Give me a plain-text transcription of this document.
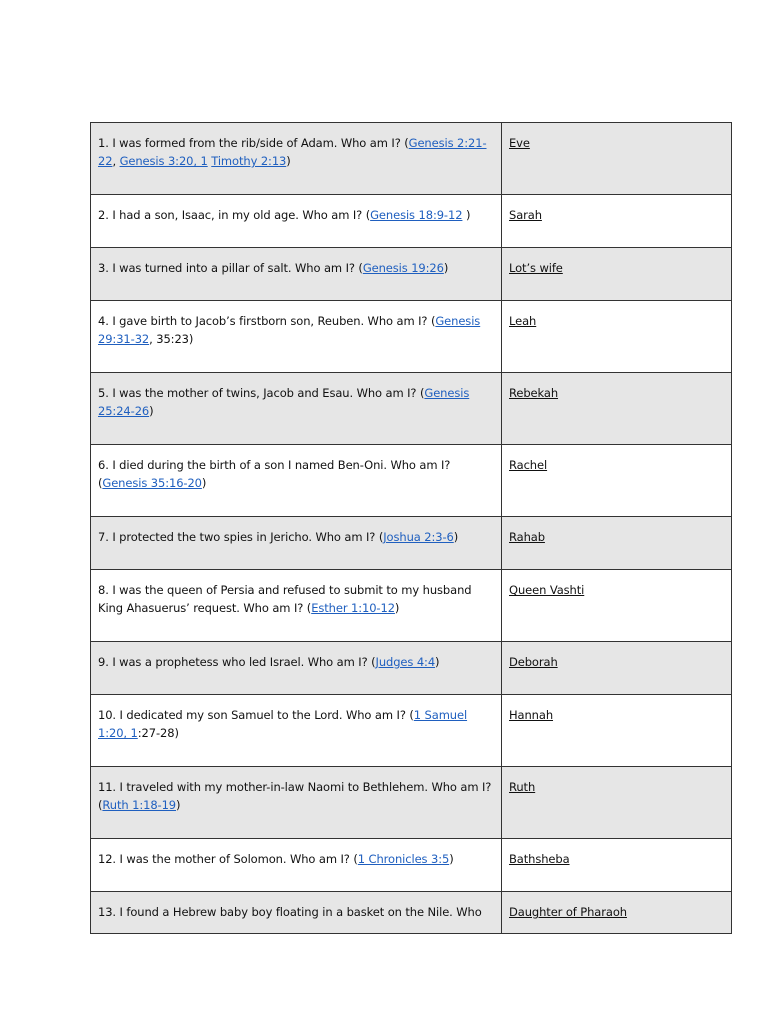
1. I was formed from the rib/side of Adam. Who am I? (Genesis 2:21-22, Genesis 3:20, 1 Timothy 2:13)	Eve
2. I had a son, Isaac, in my old age. Who am I? (Genesis 18:9-12 )	Sarah
3. I was turned into a pillar of salt. Who am I? (Genesis 19:26)	Lot’s wife
4. I gave birth to Jacob’s firstborn son, Reuben. Who am I? (Genesis 29:31-32, 35:23)	Leah
5. I was the mother of twins, Jacob and Esau. Who am I? (Genesis 25:24-26)	Rebekah
6. I died during the birth of a son I named Ben-Oni. Who am I? (Genesis 35:16-20)	Rachel
7. I protected the two spies in Jericho. Who am I? (Joshua 2:3-6)	Rahab
8. I was the queen of Persia and refused to submit to my husband King Ahasuerus’ request. Who am I? (Esther 1:10-12)	Queen Vashti
9. I was a prophetess who led Israel. Who am I? (Judges 4:4)	Deborah
10. I dedicated my son Samuel to the Lord. Who am I? (1 Samuel 1:20, 1:27-28)	Hannah
11. I traveled with my mother-in-law Naomi to Bethlehem. Who am I? (Ruth 1:18-19)	Ruth
12. I was the mother of Solomon. Who am I? (1 Chronicles 3:5)	Bathsheba
13. I found a Hebrew baby boy floating in a basket on the Nile. Who	Daughter of Pharaoh
